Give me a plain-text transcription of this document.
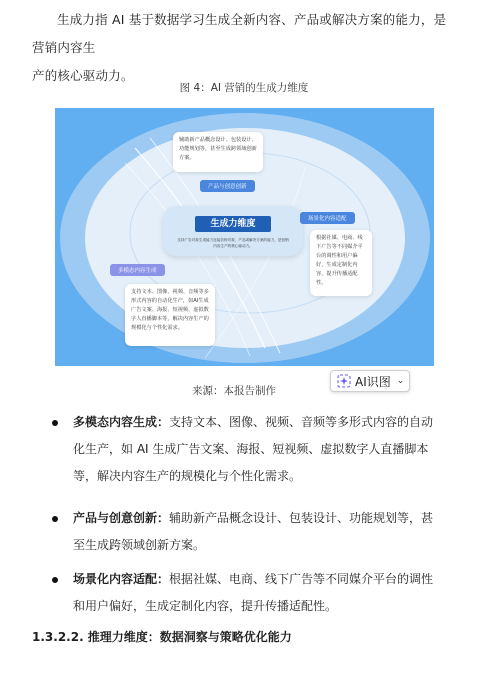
生成力指 AI 基于数据学习生成全新内容、产品或解决方案的能力，是营销内容生
产的核心驱动力。
图 4：AI 营销的生成力维度
辅助新产品概念设计、包装设计、功能规划等，甚至生成跨领域创新方案。
产品与创意创新
生成力维度
支持广告对象生成能力连接各种对象，产品或解决方案的能力，是营销内容生产的核心驱动力。
场景化内容适配
根据社媒、电商、线下广告等不同媒介平台的调性和用户偏好，生成定制化内容，提升传播适配性。
多模态内容生成
支持文本、图像、视频、音频等多形式内容的自动化生产，如AI生成广告文案、海报、短视频、虚拟数字人直播脚本等，解决内容生产的规模化与个性化需求。
来源：本报告制作
AI识图 ⌄
多模态内容生成：支持文本、图像、视频、音频等多形式内容的自动化生产，如 AI 生成广告文案、海报、短视频、虚拟数字人直播脚本等，解决内容生产的规模化与个性化需求。
产品与创意创新：辅助新产品概念设计、包装设计、功能规划等，甚至生成跨领域创新方案。
场景化内容适配：根据社媒、电商、线下广告等不同媒介平台的调性和用户偏好，生成定制化内容，提升传播适配性。
1.3.2.2. 推理力维度：数据洞察与策略优化能力
